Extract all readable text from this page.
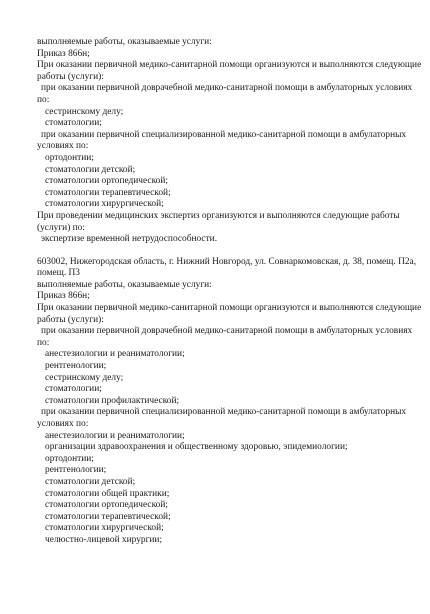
выполняемые работы, оказываемые услуги:
Приказ 866н;
При оказании первичной медико-санитарной помощи организуются и выполняются следующие
работы (услуги):
при оказании первичной доврачебной медико-санитарной помощи в амбулаторных условиях
по:
сестринскому делу;
стоматологии;
при оказании первичной специализированной медико-санитарной помощи в амбулаторных
условиях по:
ортодонтии;
стоматологии детской;
стоматологии ортопедической;
стоматологии терапевтической;
стоматологии хирургической;
При проведении медицинских экспертиз организуются и выполняются следующие работы
(услуги) по:
экспертизе временной нетрудоспособности.
603002, Нижегородская область, г. Нижний Новгород, ул. Совнаркомовская, д. 38, помещ. П2а,
помещ. П3
выполняемые работы, оказываемые услуги:
Приказ 866н;
При оказании первичной медико-санитарной помощи организуются и выполняются следующие
работы (услуги):
при оказании первичной доврачебной медико-санитарной помощи в амбулаторных условиях
по:
анестезиологии и реаниматологии;
рентгенологии;
сестринскому делу;
стоматологии;
стоматологии профилактической;
при оказании первичной специализированной медико-санитарной помощи в амбулаторных
условиях по:
анестезиологии и реаниматологии;
организации здравоохранения и общественному здоровью, эпидемиологии;
ортодонтии;
рентгенологии;
стоматологии детской;
стоматологии общей практики;
стоматологии ортопедической;
стоматологии терапевтической;
стоматологии хирургической;
челюстно-лицевой хирургии;
